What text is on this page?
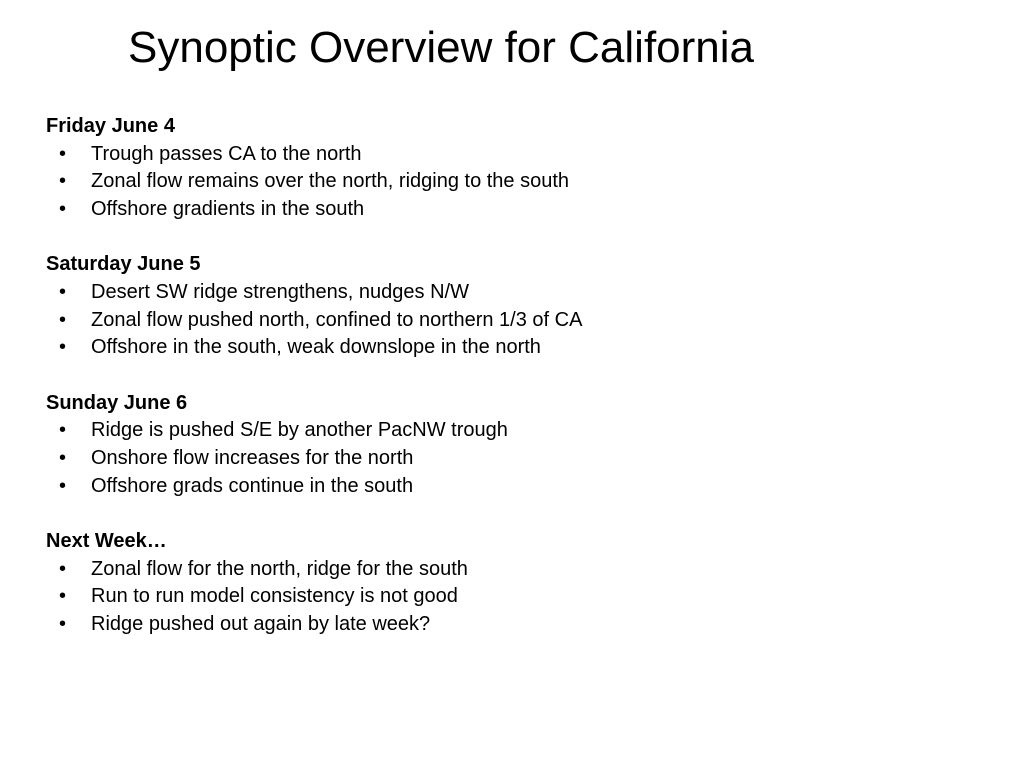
Synoptic Overview for California
Friday June 4
• Trough passes CA to the north
• Zonal flow remains over the north, ridging to the south
• Offshore gradients in the south
Saturday June 5
• Desert SW ridge strengthens, nudges N/W
• Zonal flow pushed north, confined to northern 1/3 of CA
• Offshore in the south, weak downslope in the north
Sunday June 6
• Ridge is pushed S/E by another PacNW trough
• Onshore flow increases for the north
• Offshore grads continue in the south
Next Week…
• Zonal flow for the north, ridge for the south
• Run to run model consistency is not good
• Ridge pushed out again by late week?
